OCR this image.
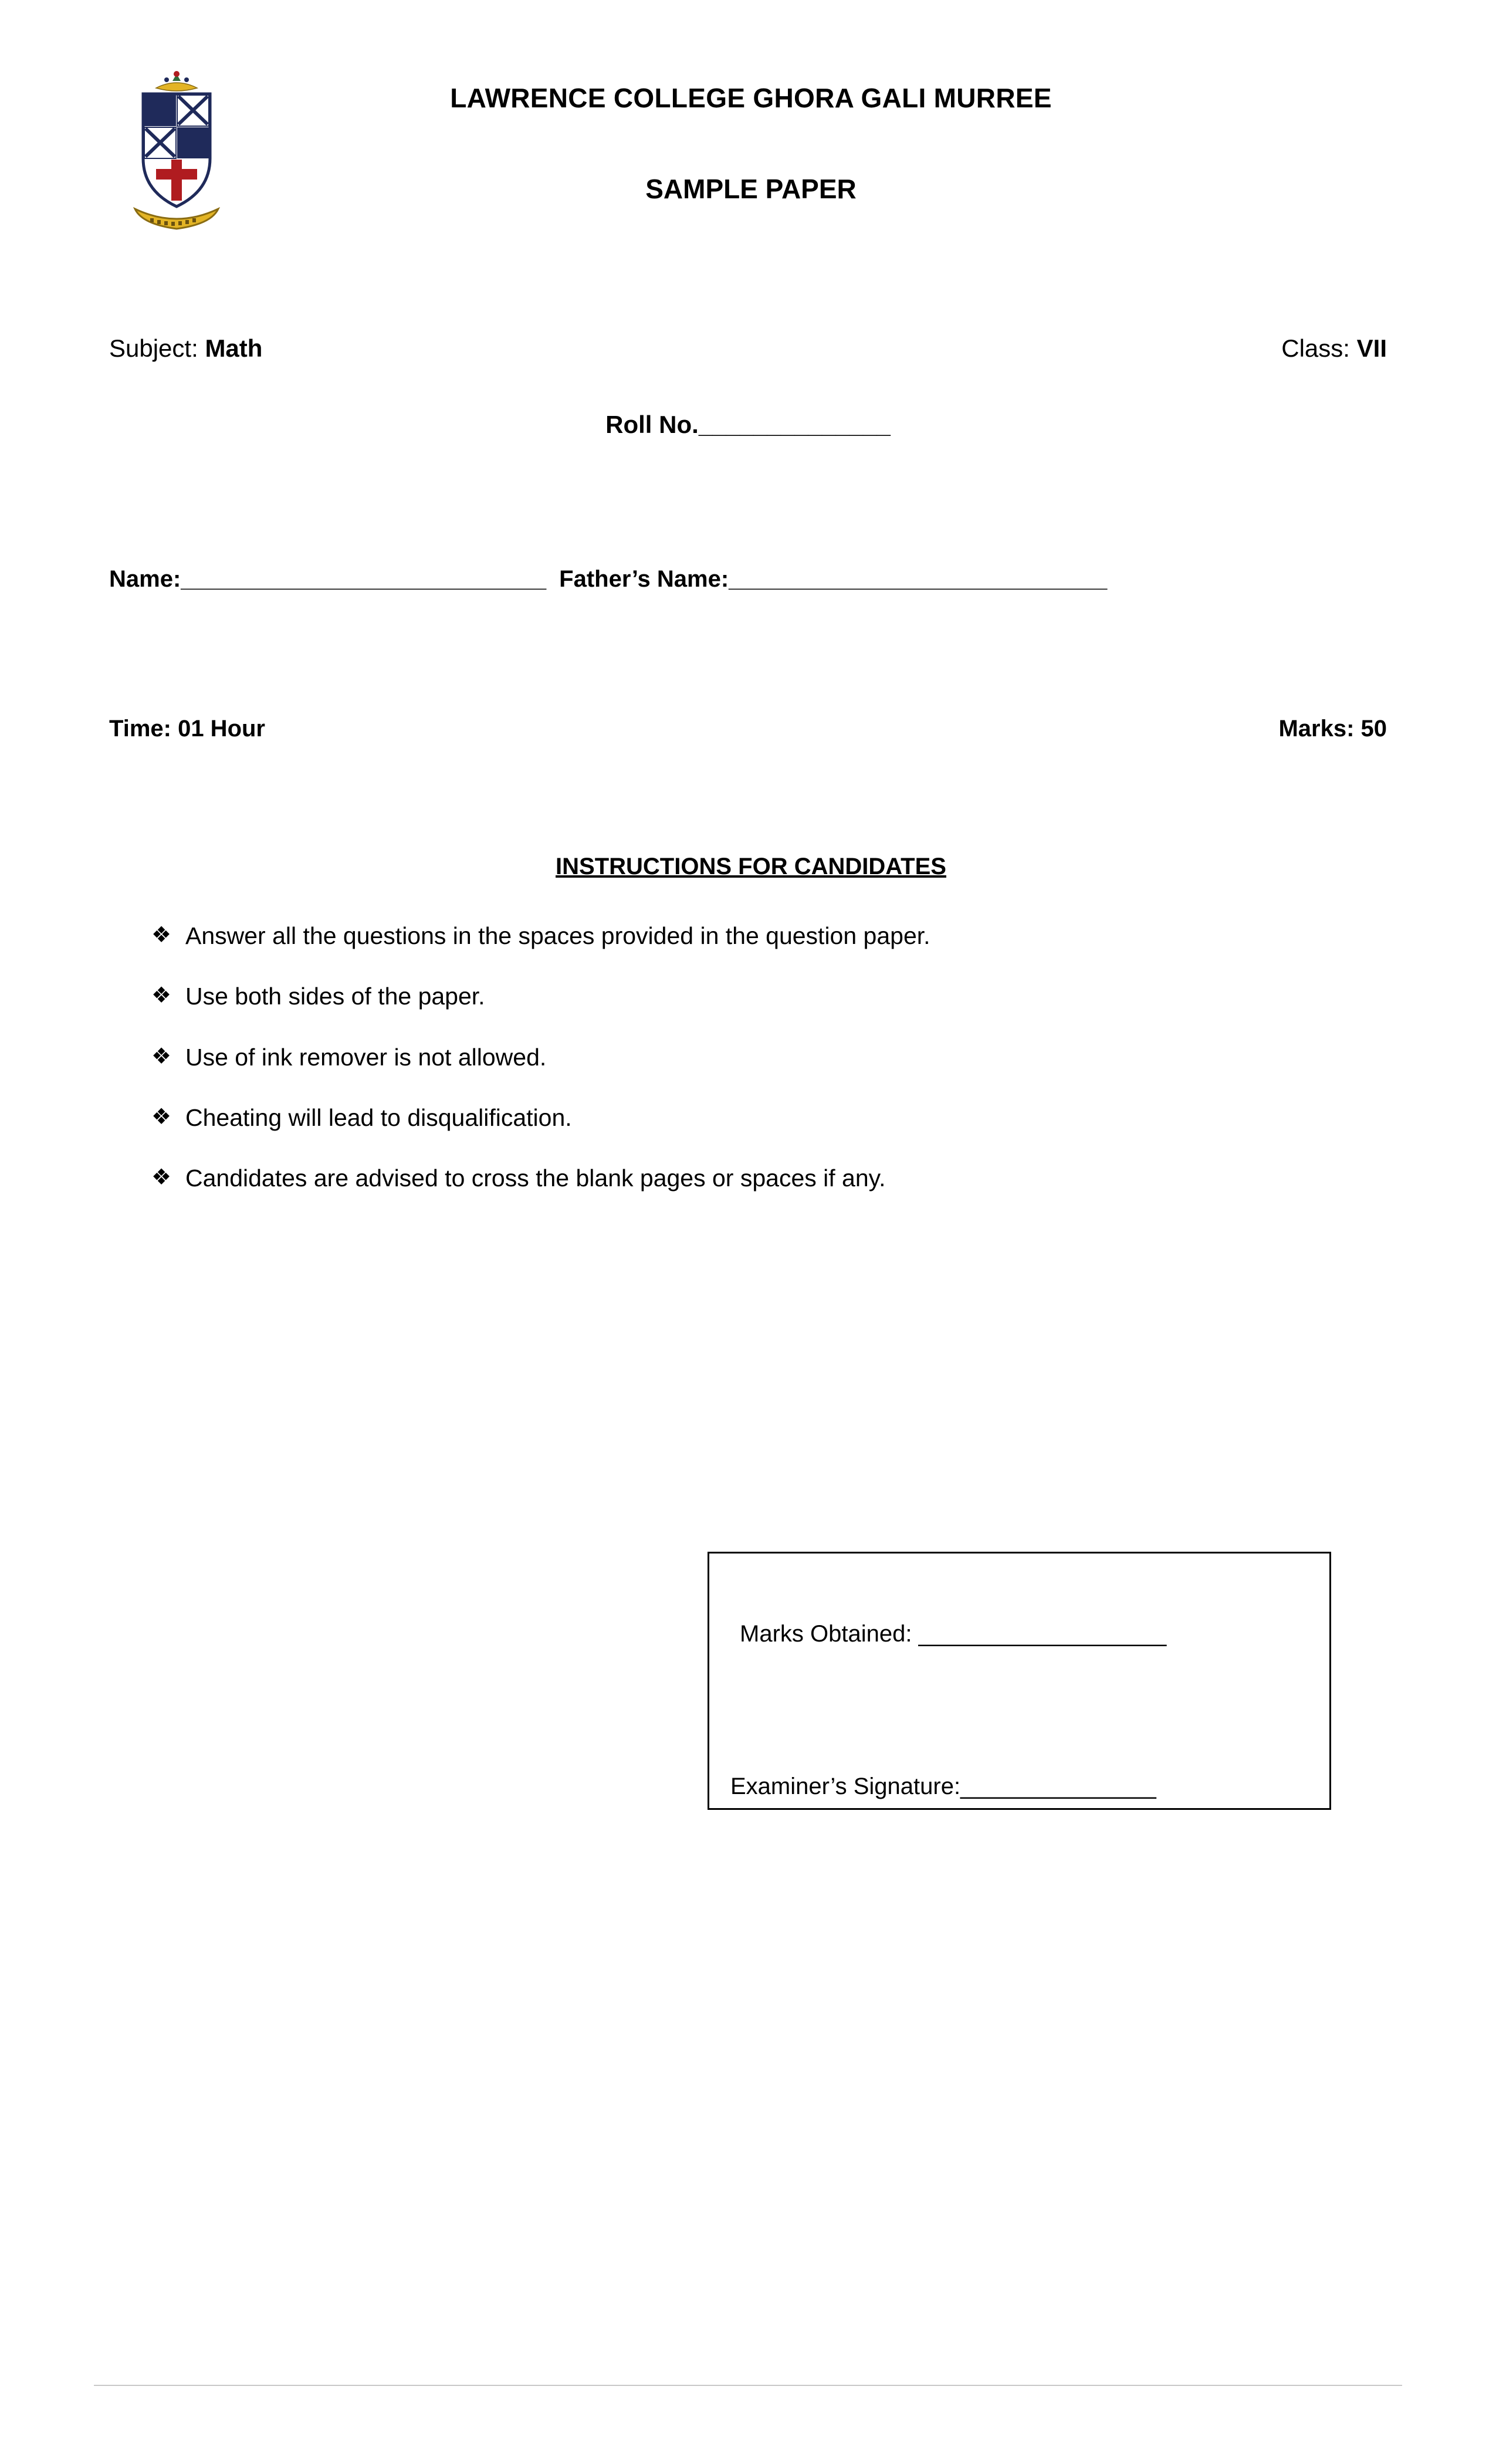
LAWRENCE COLLEGE GHORA GALI MURREE
SAMPLE PAPER
Subject: Math	Class: VII
Roll No.______________
Name:____________________________ Father’s Name:_____________________________
Time: 01 Hour	Marks: 50
INSTRUCTIONS FOR CANDIDATES
❖ Answer all the questions in the spaces provided in the question paper.
❖ Use both sides of the paper.
❖ Use of ink remover is not allowed.
❖ Cheating will lead to disqualification.
❖ Candidates are advised to cross the blank pages or spaces if any.
Marks Obtained: ___________________
Examiner’s Signature:_______________
